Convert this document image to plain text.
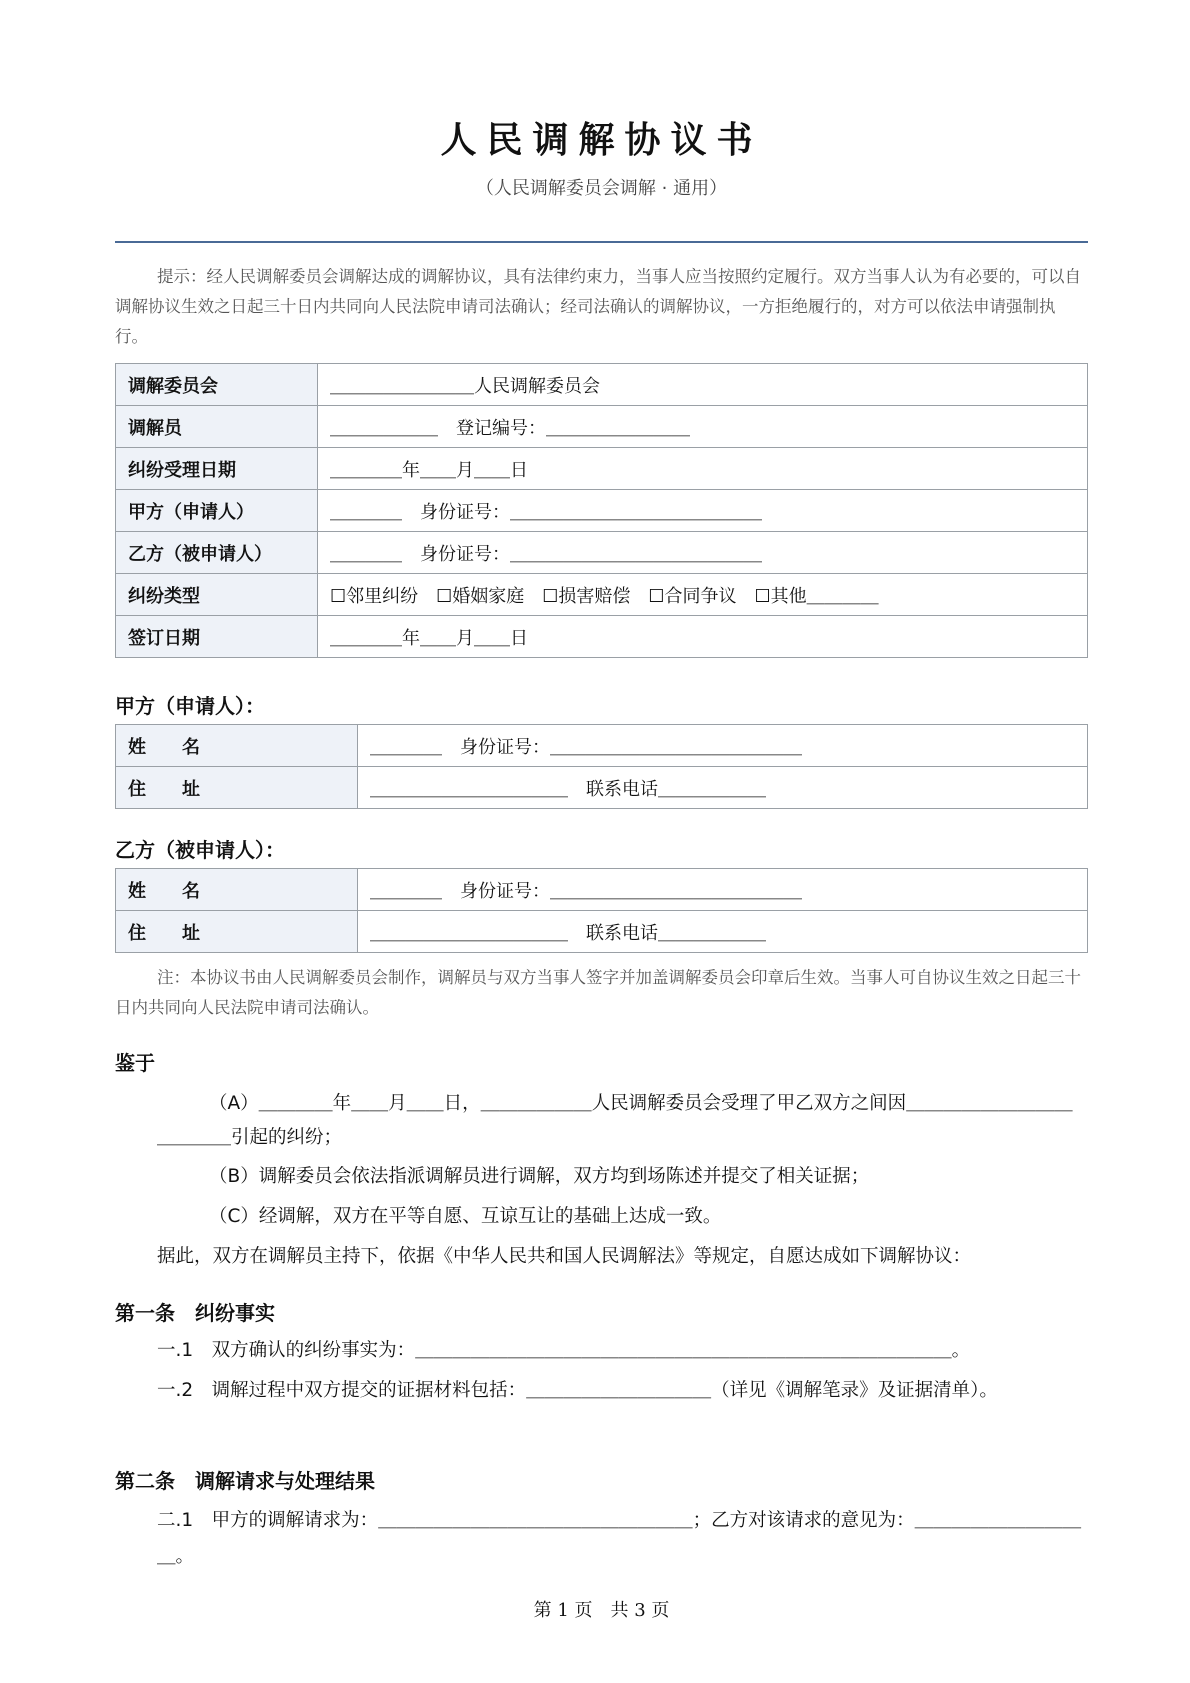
人民调解协议书
（人民调解委员会调解 · 通用）
提示：经人民调解委员会调解达成的调解协议，具有法律约束力，当事人应当按照约定履行。双方当事人认为有必要的，可以自调解协议生效之日起三十日内共同向人民法院申请司法确认；经司法确认的调解协议，一方拒绝履行的，对方可以依法申请强制执行。
调解委员会	＿＿＿＿＿＿＿＿人民调解委员会
调解员	＿＿＿＿＿＿　登记编号：＿＿＿＿＿＿＿＿
纠纷受理日期	＿＿＿＿年＿＿月＿＿日
甲方（申请人）	＿＿＿＿　身份证号：＿＿＿＿＿＿＿＿＿＿＿＿＿＿
乙方（被申请人）	＿＿＿＿　身份证号：＿＿＿＿＿＿＿＿＿＿＿＿＿＿
纠纷类型	☐邻里纠纷　☐婚姻家庭　☐损害赔偿　☐合同争议　☐其他＿＿＿＿
签订日期	＿＿＿＿年＿＿月＿＿日
甲方（申请人）：
姓　　名	＿＿＿＿　身份证号：＿＿＿＿＿＿＿＿＿＿＿＿＿＿
住　　址	＿＿＿＿＿＿＿＿＿＿＿　联系电话＿＿＿＿＿＿
乙方（被申请人）：
姓　　名	＿＿＿＿　身份证号：＿＿＿＿＿＿＿＿＿＿＿＿＿＿
住　　址	＿＿＿＿＿＿＿＿＿＿＿　联系电话＿＿＿＿＿＿
注：本协议书由人民调解委员会制作，调解员与双方当事人签字并加盖调解委员会印章后生效。当事人可自协议生效之日起三十日内共同向人民法院申请司法确认。
鉴于
（A）＿＿＿＿年＿＿月＿＿日，＿＿＿＿＿＿人民调解委员会受理了甲乙双方之间因＿＿＿＿＿＿＿＿＿＿＿＿＿引起的纠纷；
（B）调解委员会依法指派调解员进行调解，双方均到场陈述并提交了相关证据；
（C）经调解，双方在平等自愿、互谅互让的基础上达成一致。
据此，双方在调解员主持下，依据《中华人民共和国人民调解法》等规定，自愿达成如下调解协议：
第一条　纠纷事实
一.1　双方确认的纠纷事实为：＿＿＿＿＿＿＿＿＿＿＿＿＿＿＿＿＿＿＿＿＿＿＿＿＿＿＿＿＿。
一.2　调解过程中双方提交的证据材料包括：＿＿＿＿＿＿＿＿＿＿（详见《调解笔录》及证据清单）。
第二条　调解请求与处理结果
二.1　甲方的调解请求为：＿＿＿＿＿＿＿＿＿＿＿＿＿＿＿＿＿；乙方对该请求的意见为：＿＿＿＿＿＿＿＿＿＿。
第 1 页　共 3 页
